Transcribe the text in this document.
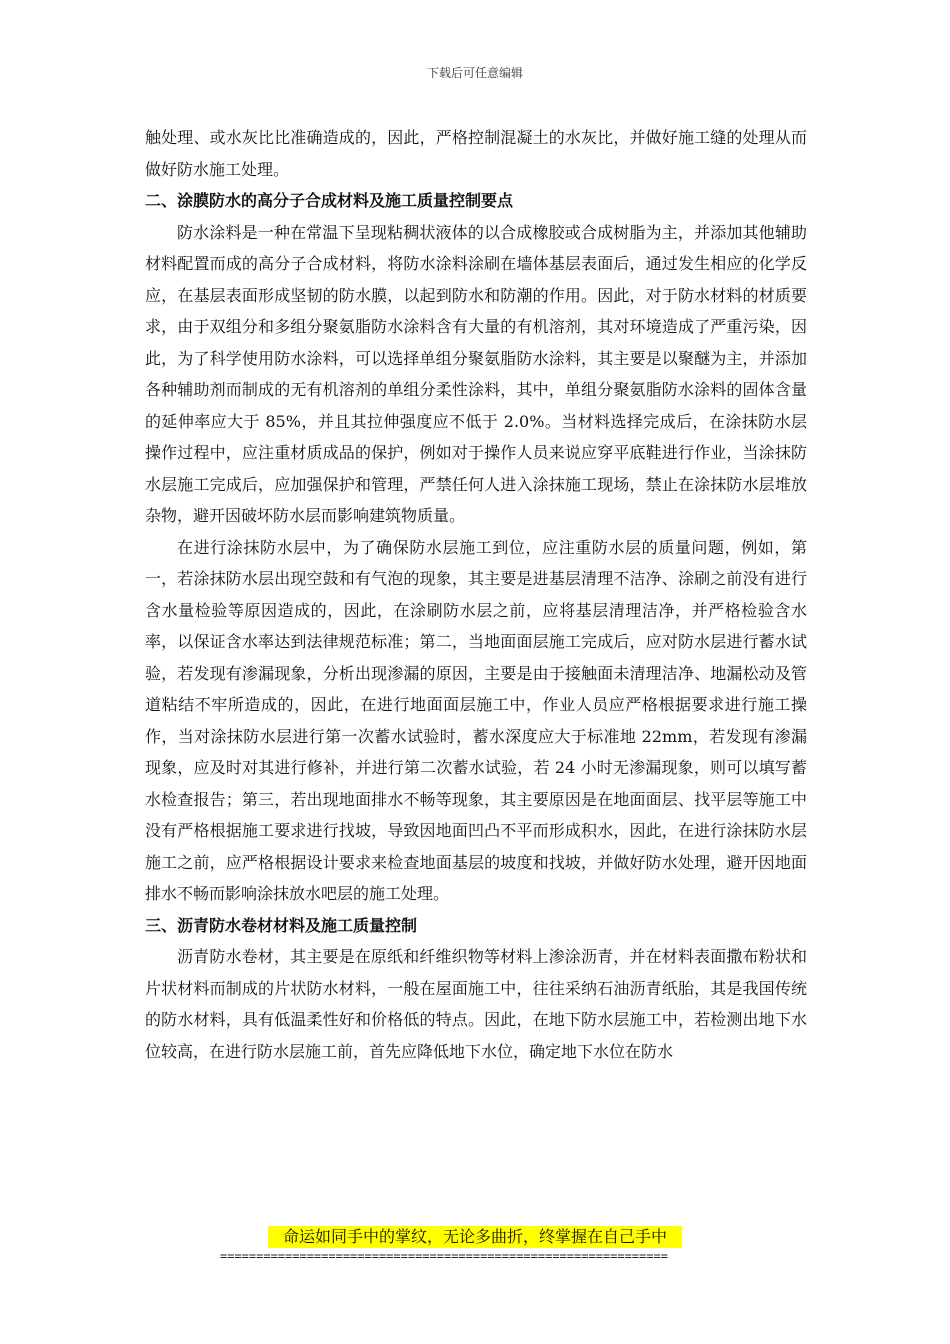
下载后可任意编辑

触处理、或水灰比比准确造成的，因此，严格控制混凝土的水灰比，并做好施工缝的处理从而做好防水施工处理。

二、涂膜防水的高分子合成材料及施工质量控制要点

防水涂料是一种在常温下呈现粘稠状液体的以合成橡胶或合成树脂为主，并添加其他辅助材料配置而成的高分子合成材料，将防水涂料涂刷在墙体基层表面后，通过发生相应的化学反应，在基层表面形成坚韧的防水膜，以起到防水和防潮的作用。因此，对于防水材料的材质要求，由于双组分和多组分聚氨脂防水涂料含有大量的有机溶剂，其对环境造成了严重污染，因此，为了科学使用防水涂料，可以选择单组分聚氨脂防水涂料，其主要是以聚醚为主，并添加各种辅助剂而制成的无有机溶剂的单组分柔性涂料，其中，单组分聚氨脂防水涂料的固体含量的延伸率应大于 85%，并且其拉伸强度应不低于 2.0%。当材料选择完成后，在涂抹防水层操作过程中，应注重材质成品的保护，例如对于操作人员来说应穿平底鞋进行作业，当涂抹防水层施工完成后，应加强保护和管理，严禁任何人进入涂抹施工现场，禁止在涂抹防水层堆放杂物，避开因破坏防水层而影响建筑物质量。

在进行涂抹防水层中，为了确保防水层施工到位，应注重防水层的质量问题，例如，第一，若涂抹防水层出现空鼓和有气泡的现象，其主要是进基层清理不洁净、涂刷之前没有进行含水量检验等原因造成的，因此，在涂刷防水层之前，应将基层清理洁净，并严格检验含水率，以保证含水率达到法律规范标准；第二，当地面面层施工完成后，应对防水层进行蓄水试验，若发现有渗漏现象，分析出现渗漏的原因，主要是由于接触面未清理洁净、地漏松动及管道粘结不牢所造成的，因此，在进行地面面层施工中，作业人员应严格根据要求进行施工操作，当对涂抹防水层进行第一次蓄水试验时，蓄水深度应大于标准地 22mm，若发现有渗漏现象，应及时对其进行修补，并进行第二次蓄水试验，若 24 小时无渗漏现象，则可以填写蓄水检查报告；第三，若出现地面排水不畅等现象，其主要原因是在地面面层、找平层等施工中没有严格根据施工要求进行找坡，导致因地面凹凸不平而形成积水，因此，在进行涂抹防水层施工之前，应严格根据设计要求来检查地面基层的坡度和找坡，并做好防水处理，避开因地面排水不畅而影响涂抹放水吧层的施工处理。

三、沥青防水卷材材料及施工质量控制

沥青防水卷材，其主要是在原纸和纤维织物等材料上渗涂沥青，并在材料表面撒布粉状和片状材料而制成的片状防水材料，一般在屋面施工中，往往采纳石油沥青纸胎，其是我国传统的防水材料，具有低温柔性好和价格低的特点。因此，在地下防水层施工中，若检测出地下水位较高，在进行防水层施工前，首先应降低地下水位，确定地下水位在防水

命运如同手中的掌纹，无论多曲折，终掌握在自己手中
==============================================================
